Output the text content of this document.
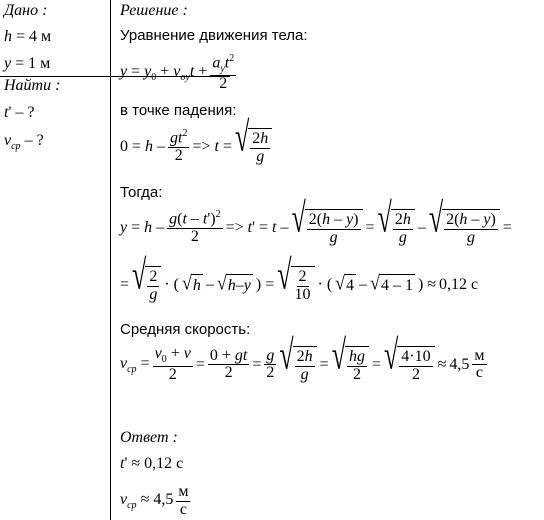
Дано :
h = 4 м
y = 1 м
Найти :
t' – ?
$v_{ср}$ – ?
Решение :
Уравнение движения тела:
$y = y_0 + v_{oy}t + \frac{a_yt^2}{2}$
в точке падения:
$0 = h - \frac{gt^2}{2} => t$ = √ $\frac{2h}{g}$
Тогда:
$y = h - \frac{g(t - t')^2}{2} => t' = t$ – √ $\frac{2(h - y)}{g}$ = √ $\frac{2h}{g}$ – √ $\frac{2(h - y)}{g}$ =
= √ $\frac{2}{g}$ · ( √ h – √ h – y ) = √ $\frac{2}{10}$ · ( √ 4 – √ 4 – 1 ) ≈ 0,12 с
Средняя скорость:
$v_{ср} = \frac{v_0 + v}{2} = \frac{0 + gt}{2} = \frac{g}{2}$ √ $\frac{2h}{g}$ = √ $\frac{hg}{2}$ = √ $\frac{4\cdot 10}{2} \approx 4,5 \frac{м}{с}$
Ответ :
t' ≈ 0,12 с
$v_{ср} \approx 4,5 \frac{м}{с}$
